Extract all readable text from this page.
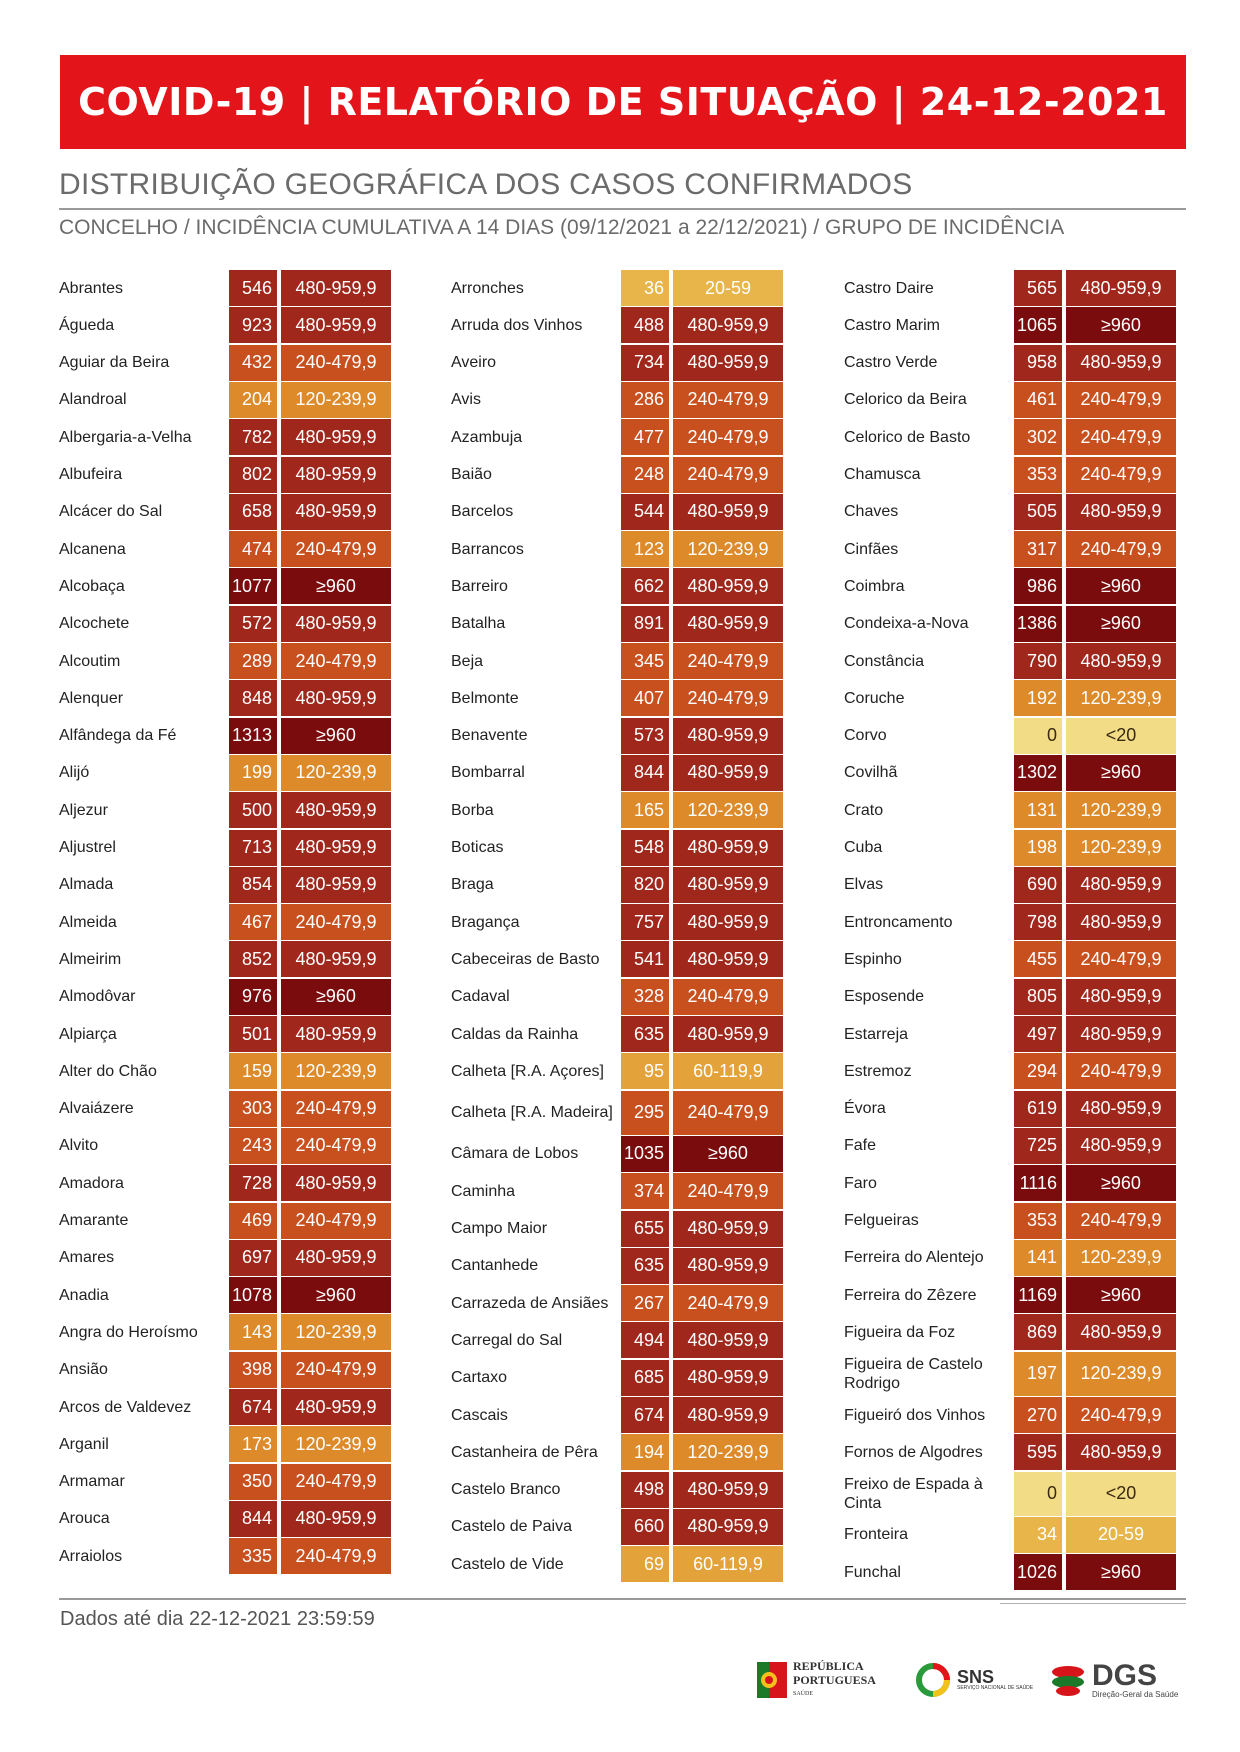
COVID-19 | RELATÓRIO DE SITUAÇÃO | 24-12-2021
DISTRIBUIÇÃO GEOGRÁFICA DOS CASOS CONFIRMADOS
CONCELHO / INCIDÊNCIA CUMULATIVA A 14 DIAS (09/12/2021 a 22/12/2021) / GRUPO DE INCIDÊNCIA
Abrantes	546	480-959,9
Águeda	923	480-959,9
Aguiar da Beira	432	240-479,9
Alandroal	204	120-239,9
Albergaria-a-Velha	782	480-959,9
Albufeira	802	480-959,9
Alcácer do Sal	658	480-959,9
Alcanena	474	240-479,9
Alcobaça	1077	≥960
Alcochete	572	480-959,9
Alcoutim	289	240-479,9
Alenquer	848	480-959,9
Alfândega da Fé	1313	≥960
Alijó	199	120-239,9
Aljezur	500	480-959,9
Aljustrel	713	480-959,9
Almada	854	480-959,9
Almeida	467	240-479,9
Almeirim	852	480-959,9
Almodôvar	976	≥960
Alpiarça	501	480-959,9
Alter do Chão	159	120-239,9
Alvaiázere	303	240-479,9
Alvito	243	240-479,9
Amadora	728	480-959,9
Amarante	469	240-479,9
Amares	697	480-959,9
Anadia	1078	≥960
Angra do Heroísmo	143	120-239,9
Ansião	398	240-479,9
Arcos de Valdevez	674	480-959,9
Arganil	173	120-239,9
Armamar	350	240-479,9
Arouca	844	480-959,9
Arraiolos	335	240-479,9
Arronches	36	20-59
Arruda dos Vinhos	488	480-959,9
Aveiro	734	480-959,9
Avis	286	240-479,9
Azambuja	477	240-479,9
Baião	248	240-479,9
Barcelos	544	480-959,9
Barrancos	123	120-239,9
Barreiro	662	480-959,9
Batalha	891	480-959,9
Beja	345	240-479,9
Belmonte	407	240-479,9
Benavente	573	480-959,9
Bombarral	844	480-959,9
Borba	165	120-239,9
Boticas	548	480-959,9
Braga	820	480-959,9
Bragança	757	480-959,9
Cabeceiras de Basto	541	480-959,9
Cadaval	328	240-479,9
Caldas da Rainha	635	480-959,9
Calheta [R.A. Açores]	95	60-119,9
Calheta [R.A. Madeira]	295	240-479,9
Câmara de Lobos	1035	≥960
Caminha	374	240-479,9
Campo Maior	655	480-959,9
Cantanhede	635	480-959,9
Carrazeda de Ansiães	267	240-479,9
Carregal do Sal	494	480-959,9
Cartaxo	685	480-959,9
Cascais	674	480-959,9
Castanheira de Pêra	194	120-239,9
Castelo Branco	498	480-959,9
Castelo de Paiva	660	480-959,9
Castelo de Vide	69	60-119,9
Castro Daire	565	480-959,9
Castro Marim	1065	≥960
Castro Verde	958	480-959,9
Celorico da Beira	461	240-479,9
Celorico de Basto	302	240-479,9
Chamusca	353	240-479,9
Chaves	505	480-959,9
Cinfães	317	240-479,9
Coimbra	986	≥960
Condeixa-a-Nova	1386	≥960
Constância	790	480-959,9
Coruche	192	120-239,9
Corvo	0	<20
Covilhã	1302	≥960
Crato	131	120-239,9
Cuba	198	120-239,9
Elvas	690	480-959,9
Entroncamento	798	480-959,9
Espinho	455	240-479,9
Esposende	805	480-959,9
Estarreja	497	480-959,9
Estremoz	294	240-479,9
Évora	619	480-959,9
Fafe	725	480-959,9
Faro	1116	≥960
Felgueiras	353	240-479,9
Ferreira do Alentejo	141	120-239,9
Ferreira do Zêzere	1169	≥960
Figueira da Foz	869	480-959,9
Figueira de Castelo Rodrigo	197	120-239,9
Figueiró dos Vinhos	270	240-479,9
Fornos de Algodres	595	480-959,9
Freixo de Espada à Cinta	0	<20
Fronteira	34	20-59
Funchal	1026	≥960
Dados até dia 22-12-2021 23:59:59
REPÚBLICA
PORTUGUESA
SAÚDE
SNS
SERVIÇO NACIONAL DE SAÚDE DGS
Direção-Geral da Saúde
